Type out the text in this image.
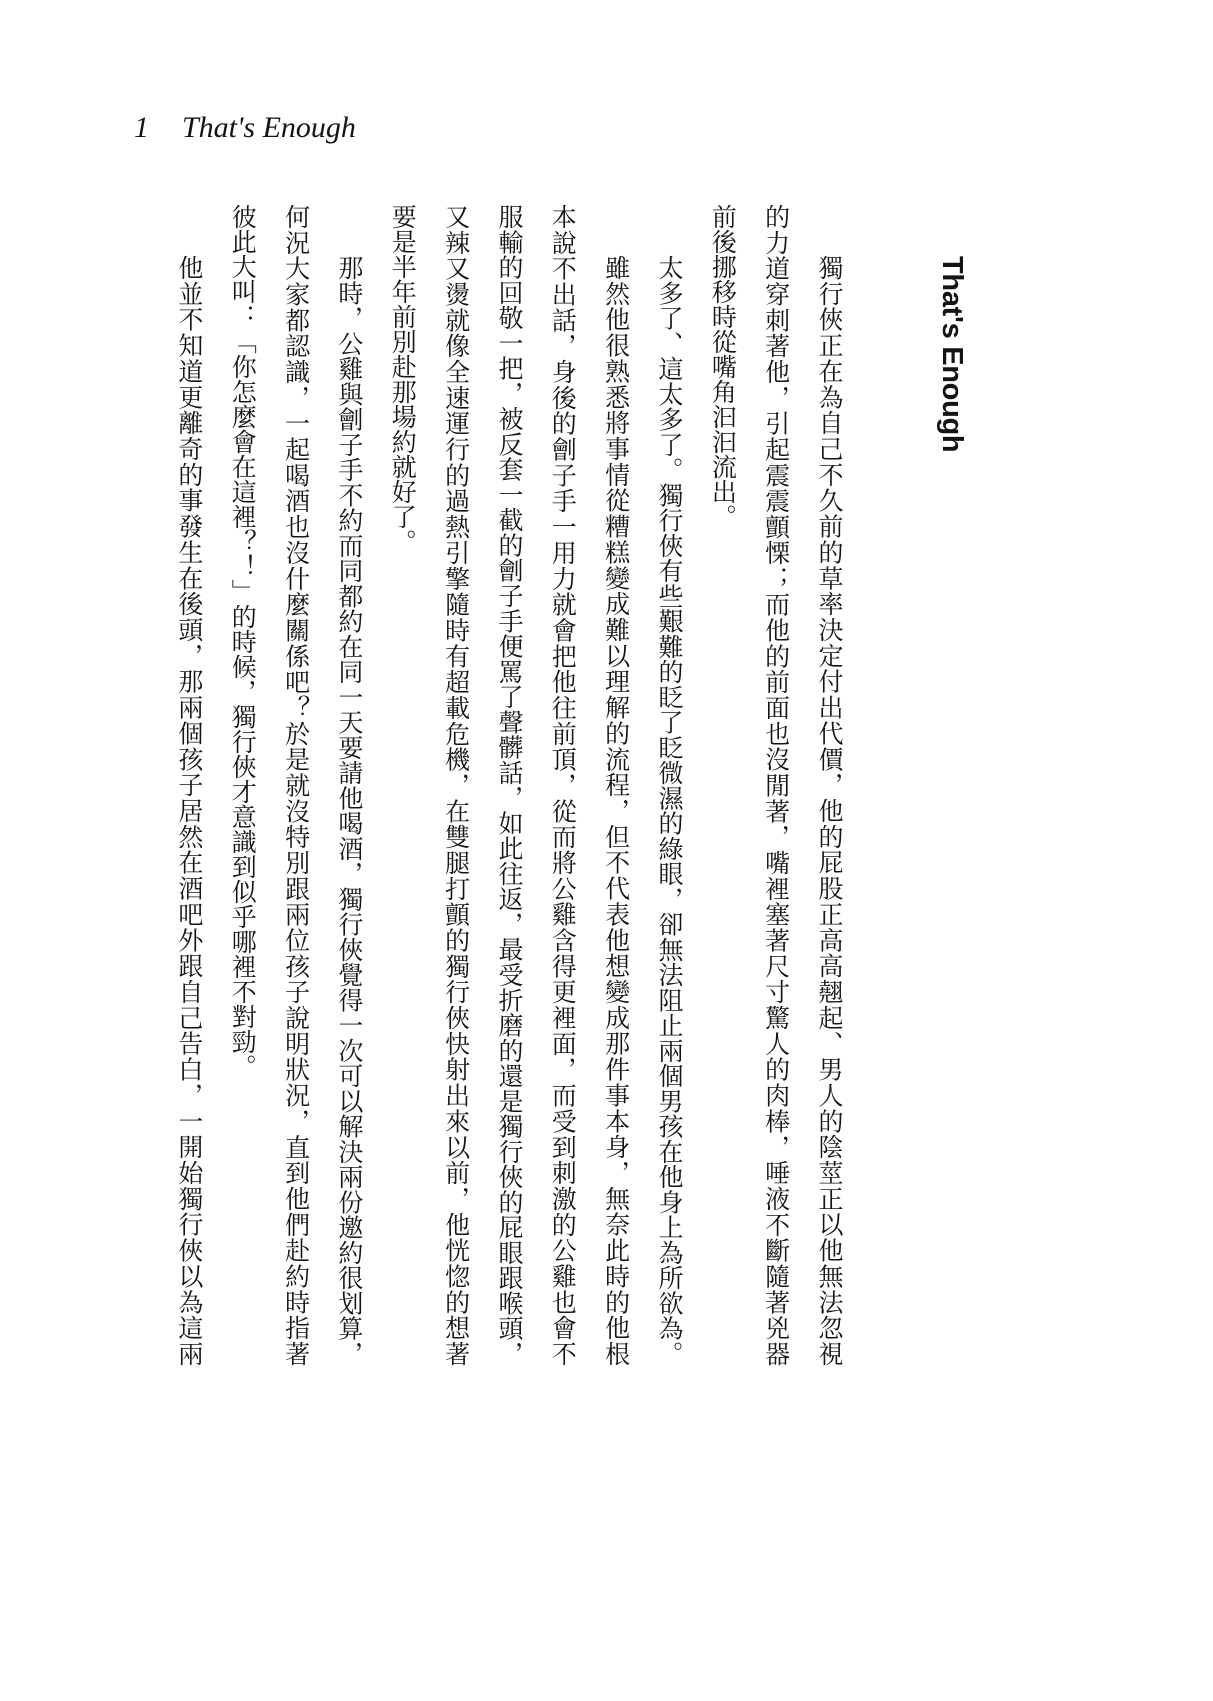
1 That's Enough
That's Enough
獨行俠正在為自己不久前的草率決定付出代價，他的屁股正高高翹起、男人的陰莖正以他無法忽視
的力道穿刺著他，引起震震顫慄；而他的前面也沒閒著，嘴裡塞著尺寸驚人的肉棒，唾液不斷隨著兇器
前後挪移時從嘴角汩汩流出。
太多了、這太多了。獨行俠有些艱難的眨了眨微濕的綠眼，卻無法阻止兩個男孩在他身上為所欲為。
雖然他很熟悉將事情從糟糕變成難以理解的流程，但不代表他想變成那件事本身，無奈此時的他根
本說不出話，身後的劊子手一用力就會把他往前頂，從而將公雞含得更裡面，而受到刺激的公雞也會不
服輸的回敬一把，被反套一截的劊子手便罵了聲髒話，如此往返，最受折磨的還是獨行俠的屁眼跟喉頭，
又辣又燙就像全速運行的過熱引擎隨時有超載危機，在雙腿打顫的獨行俠快射出來以前，他恍惚的想著
要是半年前別赴那場約就好了。
那時，公雞與劊子手不約而同都約在同一天要請他喝酒，獨行俠覺得一次可以解決兩份邀約很划算，
何況大家都認識，一起喝酒也沒什麼關係吧？於是就沒特別跟兩位孩子說明狀況，直到他們赴約時指著
彼此大叫：「你怎麼會在這裡？！」的時候，獨行俠才意識到似乎哪裡不對勁。
他並不知道更離奇的事發生在後頭，那兩個孩子居然在酒吧外跟自己告白，一開始獨行俠以為這兩
